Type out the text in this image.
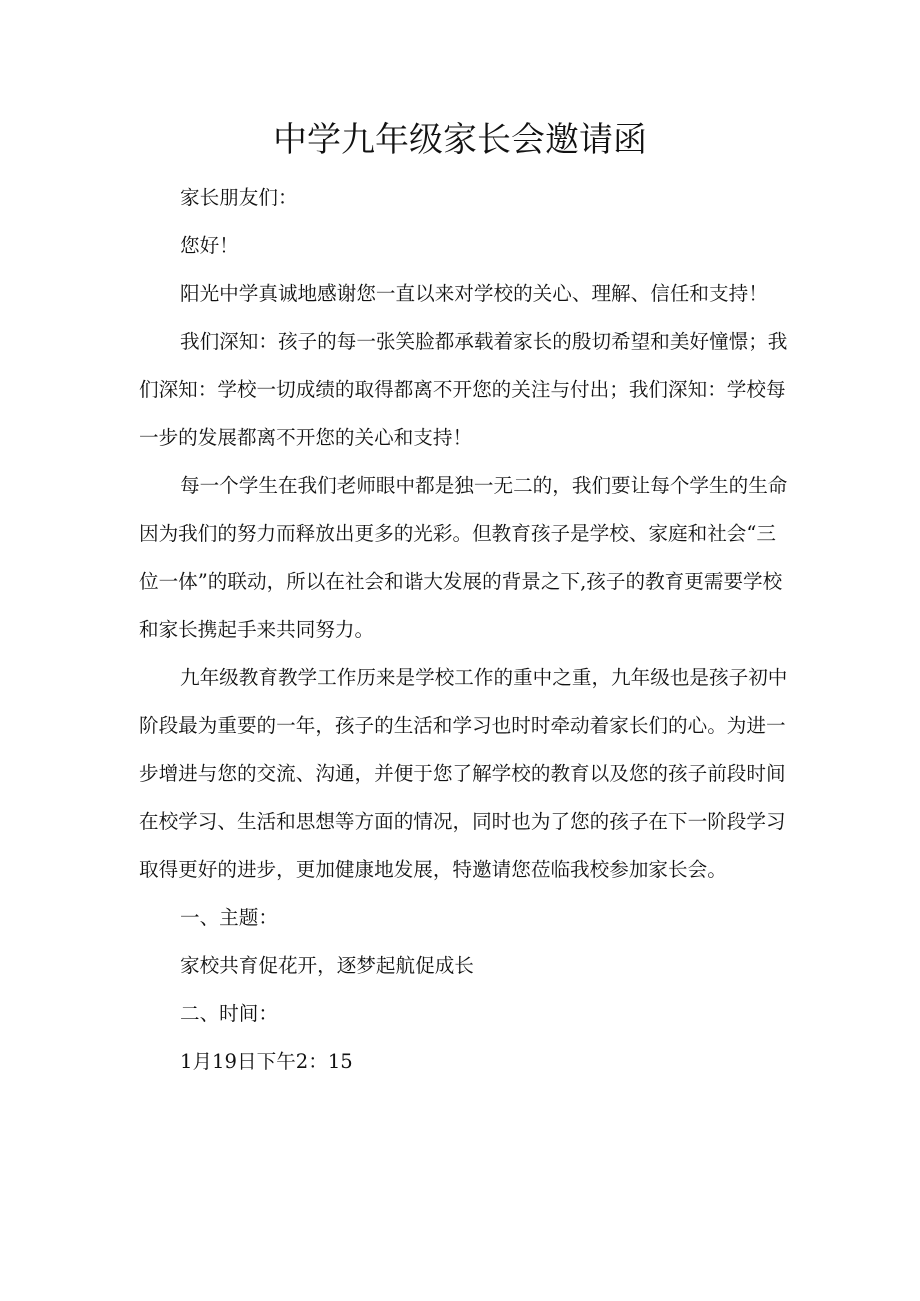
中学九年级家长会邀请函

家长朋友们：

您好！

阳光中学真诚地感谢您一直以来对学校的关心、理解、信任和支持！

我们深知：孩子的每一张笑脸都承载着家长的殷切希望和美好憧憬；我们深知：学校一切成绩的取得都离不开您的关注与付出；我们深知：学校每一步的发展都离不开您的关心和支持！

每一个学生在我们老师眼中都是独一无二的，我们要让每个学生的生命因为我们的努力而释放出更多的光彩。但教育孩子是学校、家庭和社会“三位一体”的联动，所以在社会和谐大发展的背景之下,孩子的教育更需要学校和家长携起手来共同努力。

九年级教育教学工作历来是学校工作的重中之重，九年级也是孩子初中阶段最为重要的一年，孩子的生活和学习也时时牵动着家长们的心。为进一步增进与您的交流、沟通，并便于您了解学校的教育以及您的孩子前段时间在校学习、生活和思想等方面的情况，同时也为了您的孩子在下一阶段学习取得更好的进步，更加健康地发展，特邀请您莅临我校参加家长会。

一、主题：

家校共育促花开，逐梦起航促成长

二、时间：

1月19日下午2：15
